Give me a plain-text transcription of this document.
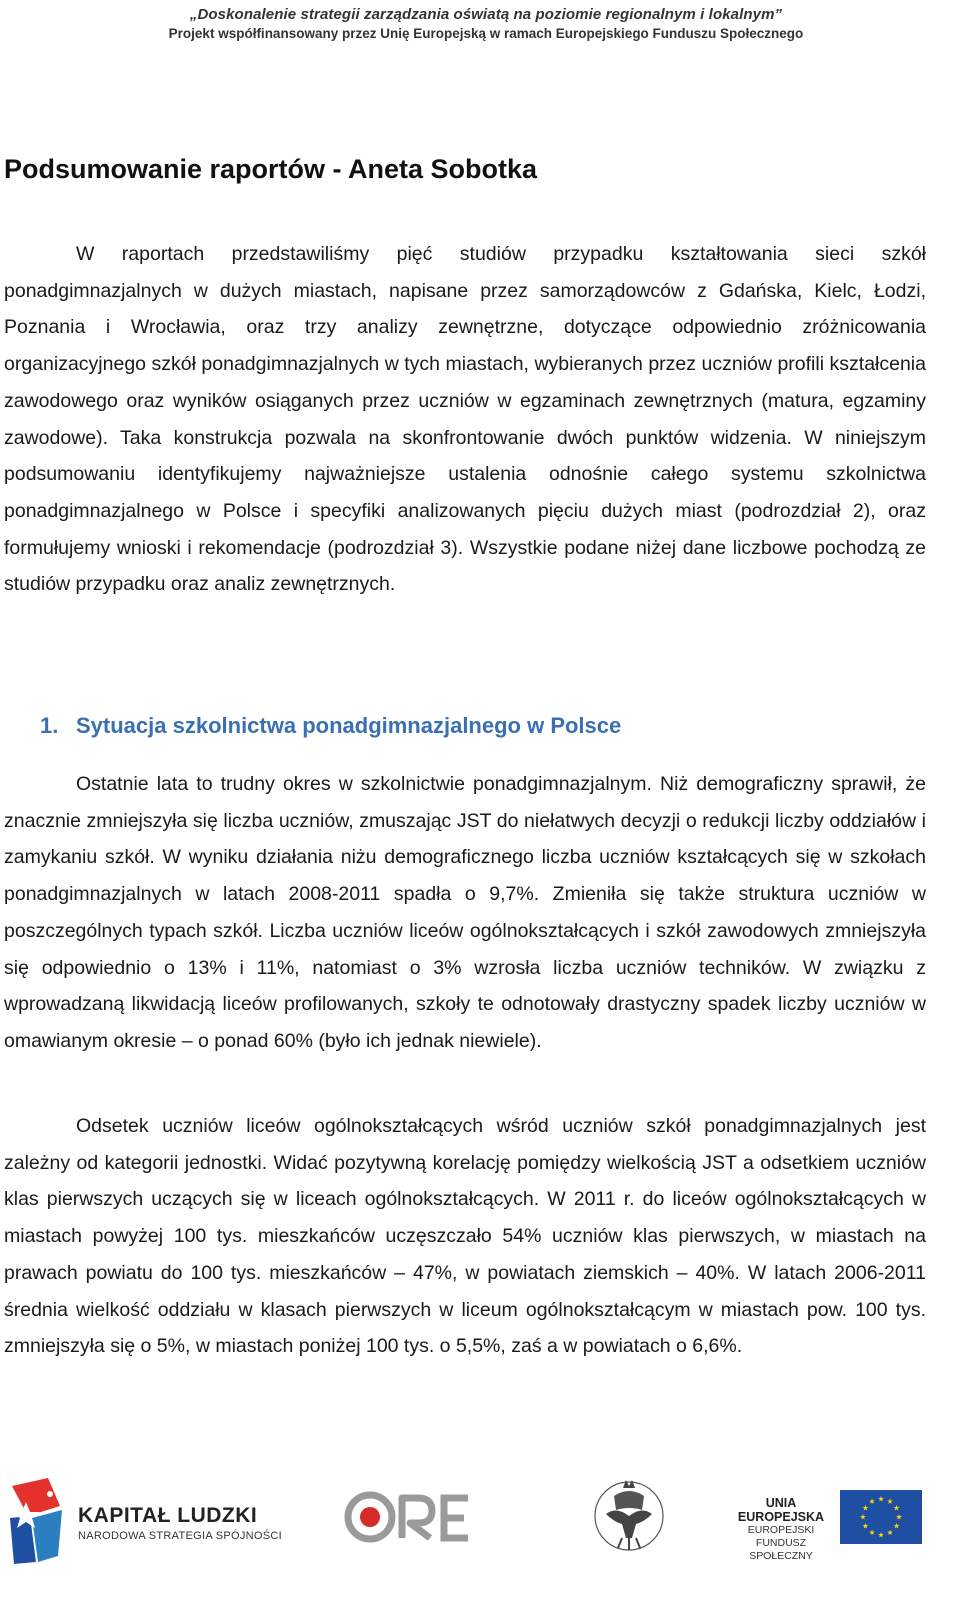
„Doskonalenie strategii zarządzania oświatą na poziomie regionalnym i lokalnym”
Projekt współfinansowany przez Unię Europejską w ramach Europejskiego Funduszu Społecznego
Podsumowanie raportów - Aneta Sobotka

W raportach przedstawiliśmy pięć studiów przypadku kształtowania sieci szkół ponadgimnazjalnych w dużych miastach, napisane przez samorządowców z Gdańska, Kielc, Łodzi, Poznania i Wrocławia, oraz trzy analizy zewnętrzne, dotyczące odpowiednio zróżnicowania organizacyjnego szkół ponadgimnazjalnych w tych miastach, wybieranych przez uczniów profili kształcenia zawodowego oraz wyników osiąganych przez uczniów w egzaminach zewnętrznych (matura, egzaminy zawodowe). Taka konstrukcja pozwala na skonfrontowanie dwóch punktów widzenia. W niniejszym podsumowaniu identyfikujemy najważniejsze ustalenia odnośnie całego systemu szkolnictwa ponadgimnazjalnego w Polsce i specyfiki analizowanych pięciu dużych miast (podrozdział 2), oraz formułujemy wnioski i rekomendacje (podrozdział 3). Wszystkie podane niżej dane liczbowe pochodzą ze studiów przypadku oraz analiz zewnętrznych.

1. Sytuacja szkolnictwa ponadgimnazjalnego w Polsce

Ostatnie lata to trudny okres w szkolnictwie ponadgimnazjalnym. Niż demograficzny sprawił, że znacznie zmniejszyła się liczba uczniów, zmuszając JST do niełatwych decyzji o redukcji liczby oddziałów i zamykaniu szkół. W wyniku działania niżu demograficznego liczba uczniów kształcących się w szkołach ponadgimnazjalnych w latach 2008-2011 spadła o 9,7%. Zmieniła się także struktura uczniów w poszczególnych typach szkół. Liczba uczniów liceów ogólnokształcących i szkół zawodowych zmniejszyła się odpowiednio o 13% i 11%, natomiast o 3% wzrosła liczba uczniów techników. W związku z wprowadzaną likwidacją liceów profilowanych, szkoły te odnotowały drastyczny spadek liczby uczniów w omawianym okresie – o ponad 60% (było ich jednak niewiele).

Odsetek uczniów liceów ogólnokształcących wśród uczniów szkół ponadgimnazjalnych jest zależny od kategorii jednostki. Widać pozytywną korelację pomiędzy wielkością JST a odsetkiem uczniów klas pierwszych uczących się w liceach ogólnokształcących. W 2011 r. do liceów ogólnokształcących w miastach powyżej 100 tys. mieszkańców uczęszczało 54% uczniów klas pierwszych, w miastach na prawach powiatu do 100 tys. mieszkańców – 47%, w powiatach ziemskich – 40%. W latach 2006-2011 średnia wielkość oddziału w klasach pierwszych w liceum ogólnokształcącym w miastach pow. 100 tys. zmniejszyła się o 5%, w miastach poniżej 100 tys. o 5,5%, zaś a w powiatach o 6,6%.

KAPITAŁ LUDZKI
NARODOWA STRATEGIA SPÓJNOŚCI
UNIA EUROPEJSKA
EUROPEJSKI
FUNDUSZ SPOŁECZNY
